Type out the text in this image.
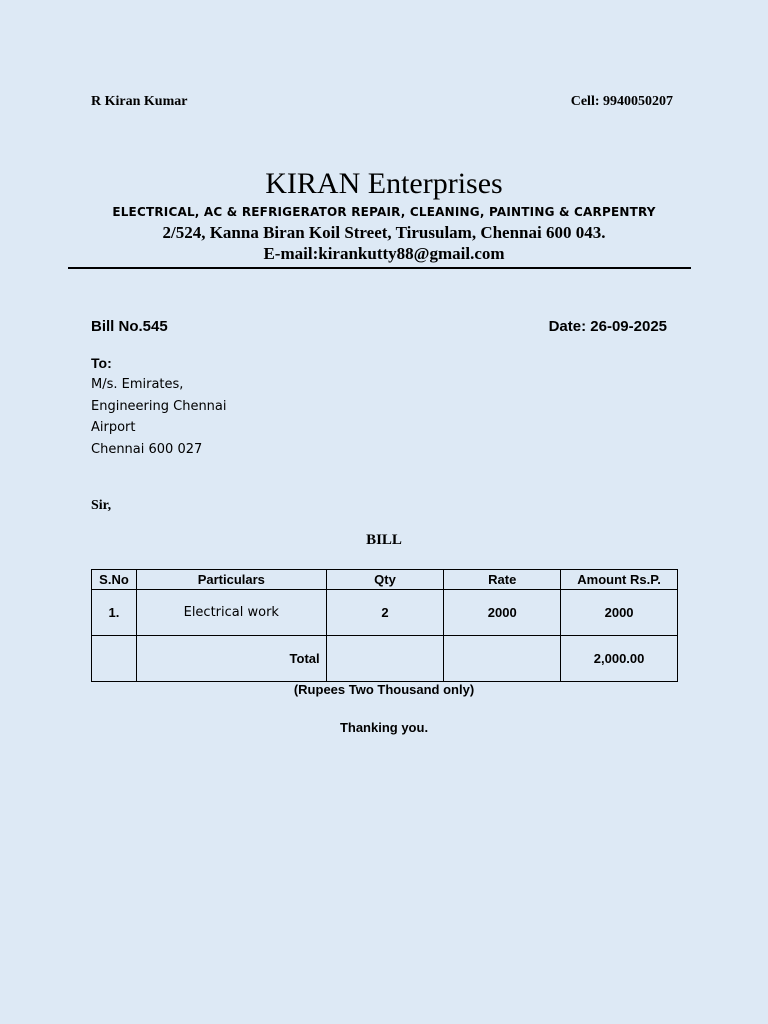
R Kiran Kumar	Cell: 9940050207
KIRAN Enterprises
ELECTRICAL, AC & REFRIGERATOR REPAIR, CLEANING, PAINTING & CARPENTRY
2/524, Kanna Biran Koil Street, Tirusulam, Chennai 600 043.
E-mail:kirankutty88@gmail.com
Bill No.545	Date: 26-09-2025
To:
M/s. Emirates,
Engineering Chennai
Airport
Chennai 600 027
Sir,
BILL
S.No	Particulars	Qty	Rate	Amount Rs.P.
1.	Electrical work	2	2000	2000
	Total			2,000.00
(Rupees Two Thousand only)
Thanking you.
